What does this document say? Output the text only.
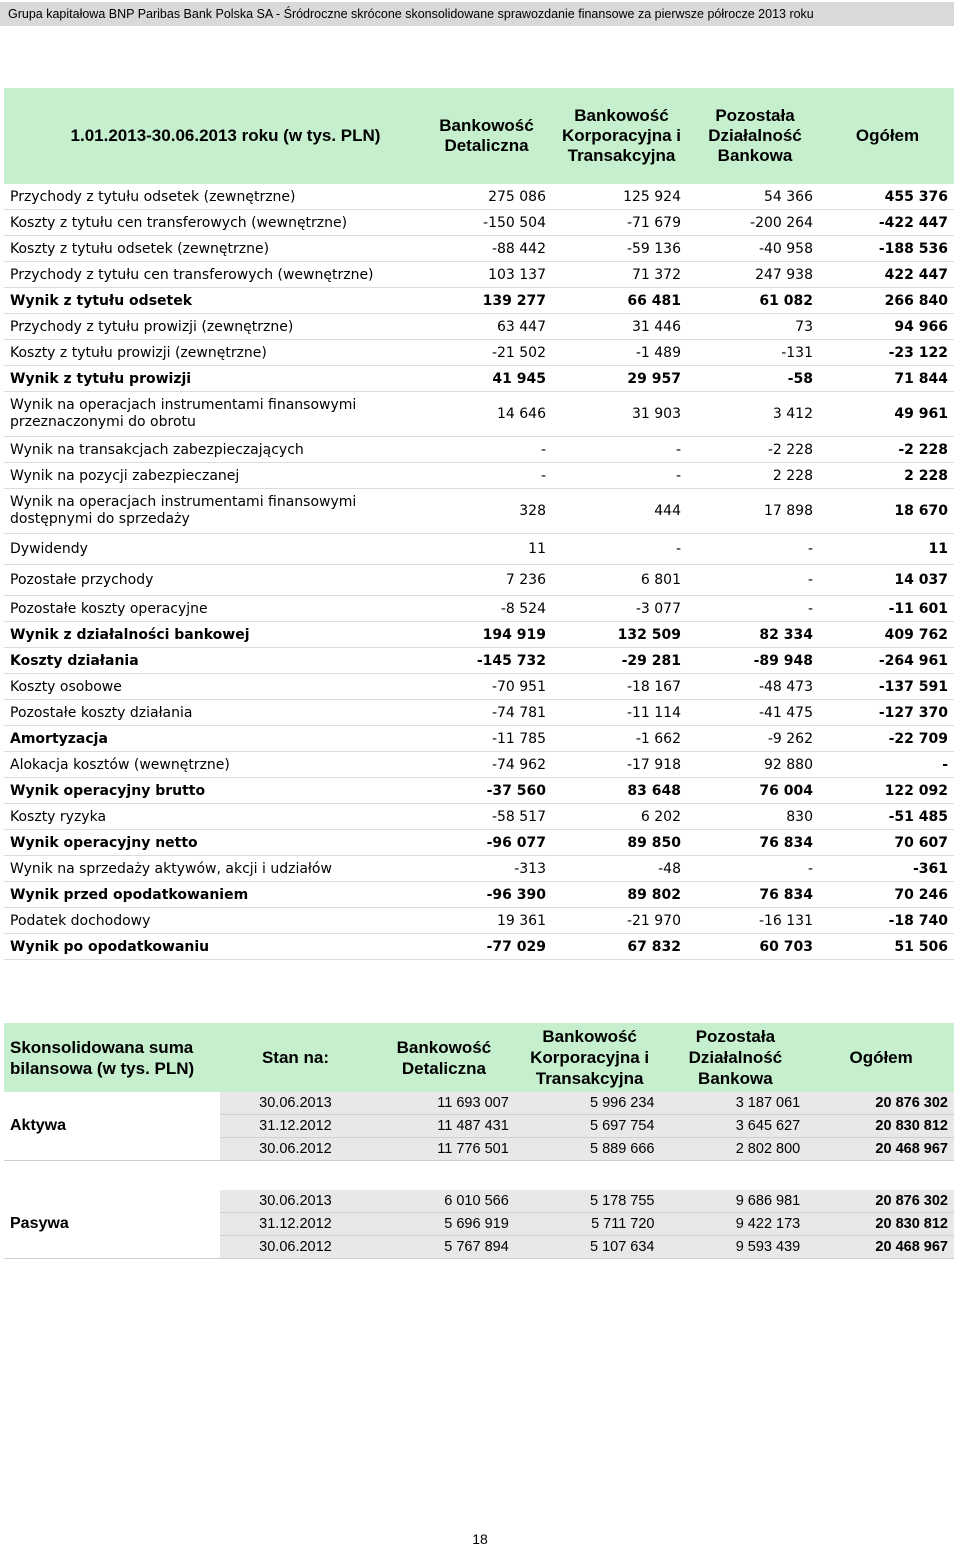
Grupa kapitałowa BNP Paribas Bank Polska SA - Śródroczne skrócone skonsolidowane sprawozdanie finansowe za pierwsze półrocze 2013 roku
1.01.2013-30.06.2013 roku (w tys. PLN)	Bankowość Detaliczna	Bankowość Korporacyjna i Transakcyjna	Pozostała Działalność Bankowa	Ogółem
Przychody z tytułu odsetek (zewnętrzne)	275 086	125 924	54 366	455 376
Koszty z tytułu cen transferowych (wewnętrzne)	-150 504	-71 679	-200 264	-422 447
Koszty z tytułu odsetek (zewnętrzne)	-88 442	-59 136	-40 958	-188 536
Przychody z tytułu cen transferowych (wewnętrzne)	103 137	71 372	247 938	422 447
Wynik z tytułu odsetek	139 277	66 481	61 082	266 840
Przychody z tytułu prowizji (zewnętrzne)	63 447	31 446	73	94 966
Koszty z tytułu prowizji (zewnętrzne)	-21 502	-1 489	-131	-23 122
Wynik z tytułu prowizji	41 945	29 957	-58	71 844
Wynik na operacjach instrumentami finansowymi przeznaczonymi do obrotu	14 646	31 903	3 412	49 961
Wynik na transakcjach zabezpieczających	-	-	-2 228	-2 228
Wynik na pozycji zabezpieczanej	-	-	2 228	2 228
Wynik na operacjach instrumentami finansowymi dostępnymi do sprzedaży	328	444	17 898	18 670
Dywidendy	11	-	-	11
Pozostałe przychody	7 236	6 801	-	14 037
Pozostałe koszty operacyjne	-8 524	-3 077	-	-11 601
Wynik z działalności bankowej	194 919	132 509	82 334	409 762
Koszty działania	-145 732	-29 281	-89 948	-264 961
Koszty osobowe	-70 951	-18 167	-48 473	-137 591
Pozostałe koszty działania	-74 781	-11 114	-41 475	-127 370
Amortyzacja	-11 785	-1 662	-9 262	-22 709
Alokacja kosztów (wewnętrzne)	-74 962	-17 918	92 880	-
Wynik operacyjny brutto	-37 560	83 648	76 004	122 092
Koszty ryzyka	-58 517	6 202	830	-51 485
Wynik operacyjny netto	-96 077	89 850	76 834	70 607
Wynik na sprzedaży aktywów, akcji i udziałów	-313	-48	-	-361
Wynik przed opodatkowaniem	-96 390	89 802	76 834	70 246
Podatek dochodowy	19 361	-21 970	-16 131	-18 740
Wynik po opodatkowaniu	-77 029	67 832	60 703	51 506
Skonsolidowana suma bilansowa (w tys. PLN)	Stan na:	Bankowość Detaliczna	Bankowość Korporacyjna i Transakcyjna	Pozostała Działalność Bankowa	Ogółem
Aktywa	30.06.2013	11 693 007	5 996 234	3 187 061	20 876 302
	31.12.2012	11 487 431	5 697 754	3 645 627	20 830 812
	30.06.2012	11 776 501	5 889 666	2 802 800	20 468 967
Pasywa	30.06.2013	6 010 566	5 178 755	9 686 981	20 876 302
	31.12.2012	5 696 919	5 711 720	9 422 173	20 830 812
	30.06.2012	5 767 894	5 107 634	9 593 439	20 468 967
18
